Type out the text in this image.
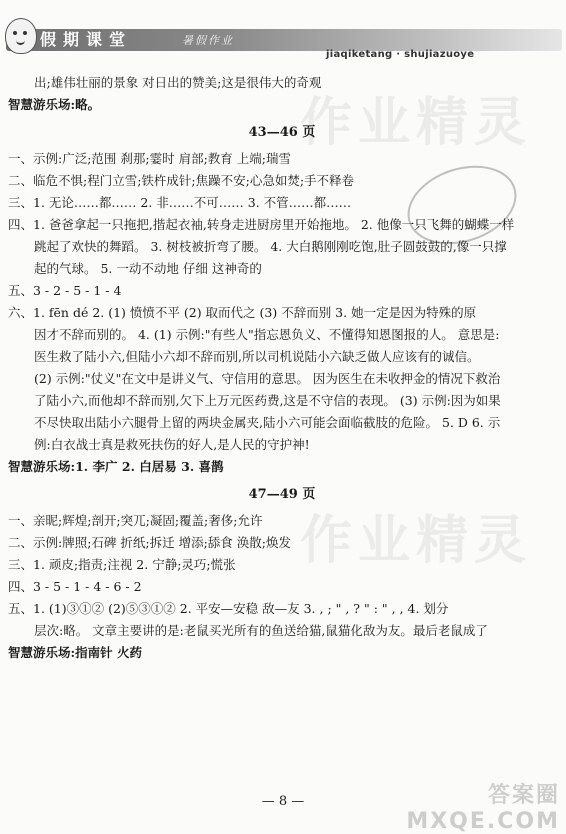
假期课堂	暑假作业
jiaqiketang · shujiazuoye
作业精灵
作业精灵

出;雄伟壮丽的景象 对日出的赞美;这是很伟大的奇观

智慧游乐场:略。

43—46 页

一、示例:广泛;范围 刹那;霎时 肩部;教育 上端;瑞雪

二、临危不惧;程门立雪;铁杵成针;焦躁不安;心急如焚;手不释卷

三、1. 无论……都…… 2. 非……不可…… 3. 不管……都……

四、1. 爸爸拿起一只拖把,揩起衣袖,转身走进厨房里开始拖地。 2. 他像一只飞舞的蝴蝶一样

跳起了欢快的舞蹈。 3. 树枝被折弯了腰。 4. 大白鹅刚刚吃饱,肚子圆鼓鼓的,像一只撑

起的气球。 5. 一动不动地 仔细 这神奇的

五、3 - 2 - 5 - 1 - 4

六、1. fēn dé 2. (1) 愤愤不平 (2) 取而代之 (3) 不辞而别 3. 她一定是因为特殊的原

因才不辞而别的。 4. (1) 示例:"有些人"指忘恩负义、不懂得知恩图报的人。 意思是:

医生救了陆小六,但陆小六却不辞而别,所以司机说陆小六缺乏做人应该有的诚信。

(2) 示例:"仗义"在文中是讲义气、守信用的意思。 因为医生在未收押金的情况下救治

了陆小六,而他却不辞而别,欠下上万元医药费,这是不守信的表现。 (3) 示例:因为如果

不尽快取出陆小六腿骨上留的两块金属夹,陆小六可能会面临截肢的危险。 5. D 6. 示

例:白衣战士真是救死扶伤的好人,是人民的守护神!

智慧游乐场:1. 李广 2. 白居易 3. 喜鹊

47—49 页

一、亲昵;辉煌;剖开;突兀;凝固;覆盖;奢侈;允许

二、示例:牌照;石碑 折纸;拆迁 增添;舔食 涣散;焕发

三、1. 顽皮;指责;注视 2. 宁静;灵巧;慌张

四、3 - 5 - 1 - 4 - 6 - 2

五、1. (1)③①② (2)⑤③①② 2. 平安—安稳 敌—友 3. , ; " , ? " : " , , 4. 划分

层次:略。 文章主要讲的是:老鼠买光所有的鱼送给猫,鼠猫化敌为友。最后老鼠成了

智慧游乐场:指南针 火药

— 8 —	答案圈 MXQE.COM
